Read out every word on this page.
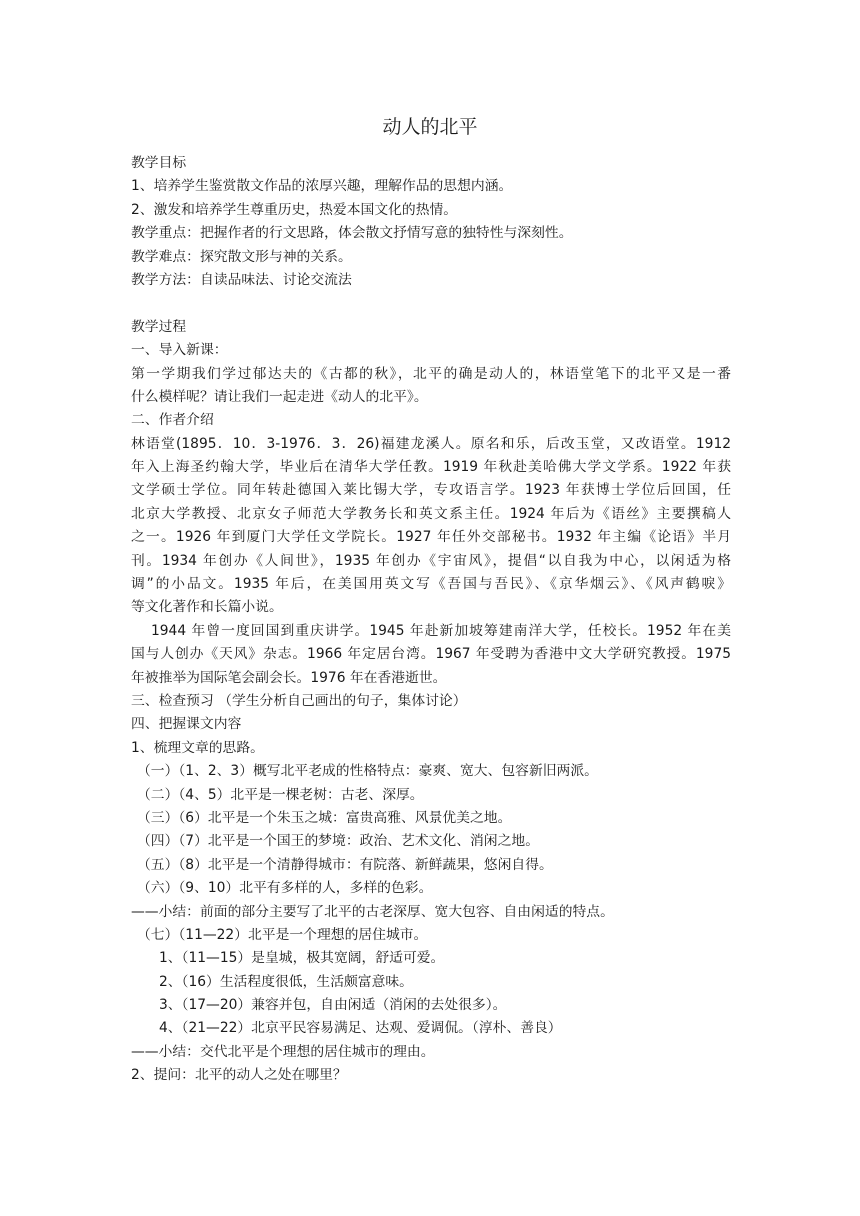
动人的北平
教学目标
1、培养学生鉴赏散文作品的浓厚兴趣，理解作品的思想内涵。
2、激发和培养学生尊重历史，热爱本国文化的热情。
教学重点：把握作者的行文思路，体会散文抒情写意的独特性与深刻性。
教学难点：探究散文形与神的关系。
教学方法：自读品味法、讨论交流法
教学过程
一、导入新课：
第一学期我们学过郁达夫的《古都的秋》，北平的确是动人的，林语堂笔下的北平又是一番
什么模样呢？请让我们一起走进《动人的北平》。
二、作者介绍
林语堂(1895．10．3-1976．3．26)福建龙溪人。原名和乐，后改玉堂，又改语堂。1912
年入上海圣约翰大学，毕业后在清华大学任教。1919 年秋赴美哈佛大学文学系。1922 年获
文学硕士学位。同年转赴德国入莱比锡大学，专攻语言学。1923 年获博士学位后回国，任
北京大学教授、北京女子师范大学教务长和英文系主任。1924 年后为《语丝》主要撰稿人
之一。1926 年到厦门大学任文学院长。1927 年任外交部秘书。1932 年主编《论语》半月
刊。1934 年创办《人间世》，1935 年创办《宇宙风》，提倡“以自我为中心，以闲适为格
调”的小品文。1935 年后，在美国用英文写《吾国与吾民》、《京华烟云》、《风声鹤唳》
等文化著作和长篇小说。
1944 年曾一度回国到重庆讲学。1945 年赴新加坡筹建南洋大学，任校长。1952 年在美
国与人创办《天风》杂志。1966 年定居台湾。1967 年受聘为香港中文大学研究教授。1975
年被推举为国际笔会副会长。1976 年在香港逝世。
三、检查预习 （学生分析自己画出的句子，集体讨论）
四、把握课文内容
1、梳理文章的思路。
（一）（1、2、3）概写北平老成的性格特点：豪爽、宽大、包容新旧两派。
（二）（4、5）北平是一棵老树：古老、深厚。
（三）（6）北平是一个朱玉之城：富贵高雅、风景优美之地。
（四）（7）北平是一个国王的梦境：政治、艺术文化、消闲之地。
（五）（8）北平是一个清静得城市：有院落、新鲜蔬果，悠闲自得。
（六）（9、10）北平有多样的人，多样的色彩。
——小结：前面的部分主要写了北平的古老深厚、宽大包容、自由闲适的特点。
（七）（11—22）北平是一个理想的居住城市。
1、（11—15）是皇城，极其宽阔，舒适可爱。
2、（16）生活程度很低，生活颇富意味。
3、（17—20）兼容并包，自由闲适（消闲的去处很多）。
4、（21—22）北京平民容易满足、达观、爱调侃。（淳朴、善良）
——小结：交代北平是个理想的居住城市的理由。
2、提问：北平的动人之处在哪里？
